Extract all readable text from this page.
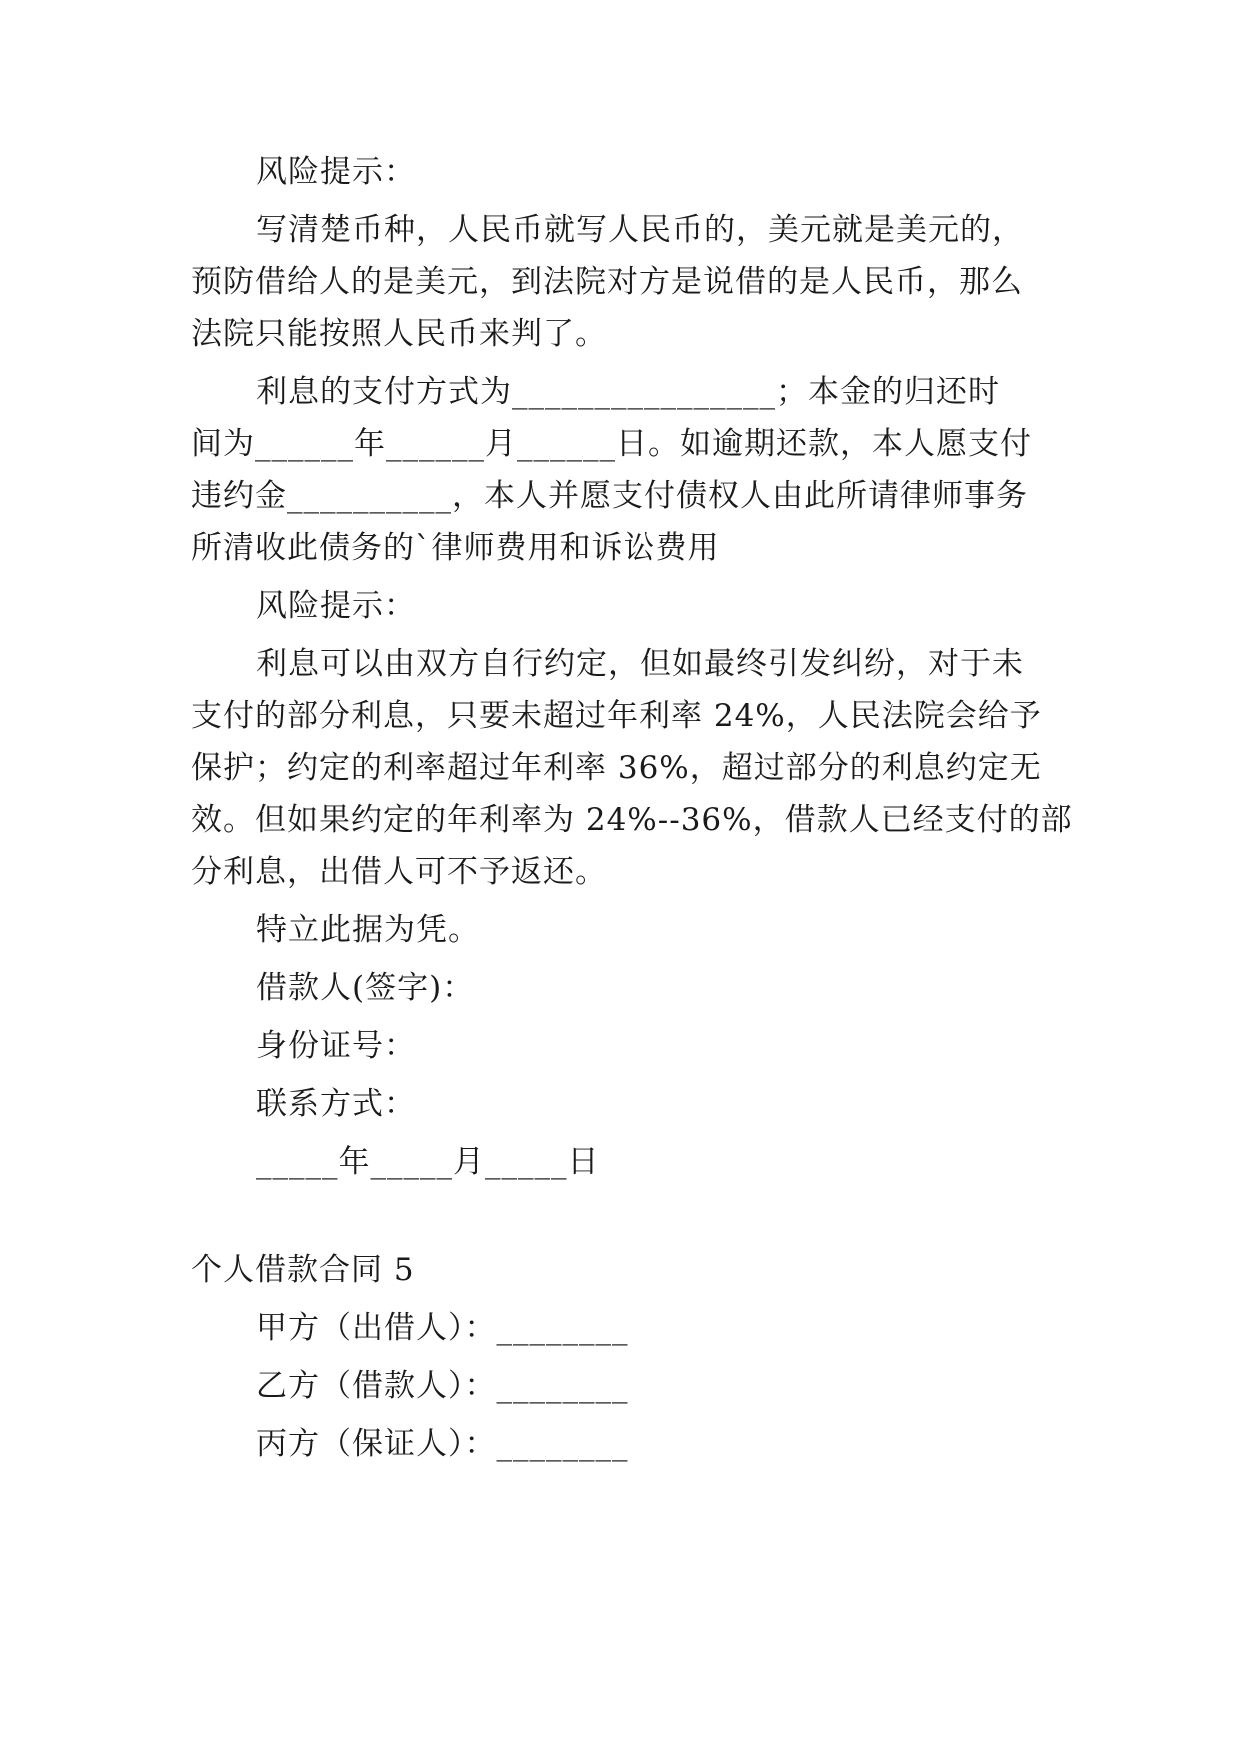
风险提示：
写清楚币种，人民币就写人民币的，美元就是美元的，
预防借给人的是美元，到法院对方是说借的是人民币，那么
法院只能按照人民币来判了。
利息的支付方式为________________；本金的归还时
间为______年______月______日。如逾期还款，本人愿支付
违约金__________，本人并愿支付债权人由此所请律师事务
所清收此债务的`律师费用和诉讼费用
风险提示：
利息可以由双方自行约定，但如最终引发纠纷，对于未
支付的部分利息，只要未超过年利率 24%，人民法院会给予
保护；约定的利率超过年利率 36%，超过部分的利息约定无
效。但如果约定的年利率为 24%--36%，借款人已经支付的部
分利息，出借人可不予返还。
特立此据为凭。
借款人(签字)：
身份证号：
联系方式：
_____年_____月_____日
个人借款合同 5
甲方（出借人）：________
乙方（借款人）：________
丙方（保证人）：________
